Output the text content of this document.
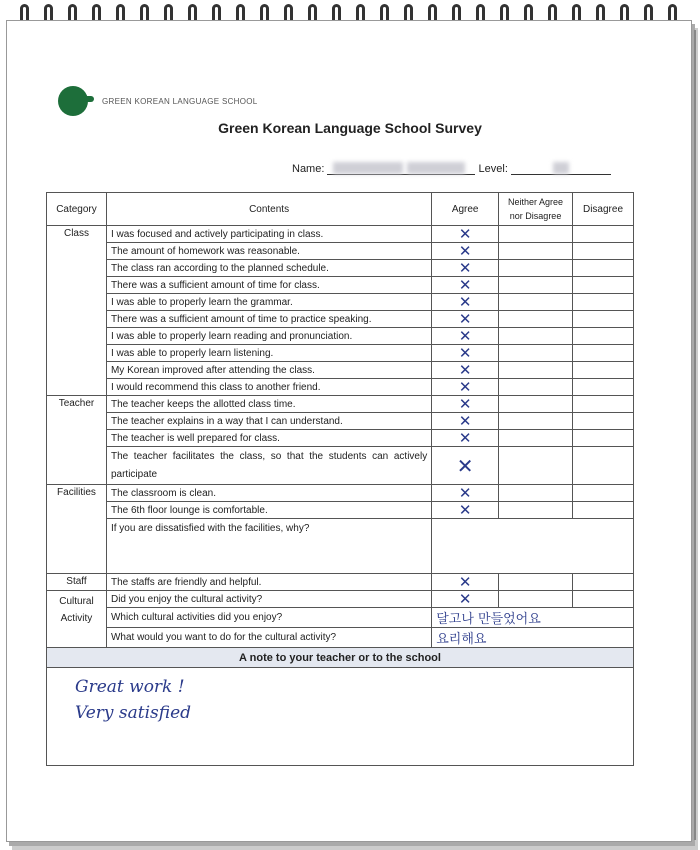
GREEN KOREAN LANGUAGE SCHOOL
Green Korean Language School Survey
Name:	Level:
Category	Contents	Agree	Neither Agree nor Disagree	Disagree
Class	I was focused and actively participating in class.	✕		
	The amount of homework was reasonable.	✕		
	The class ran according to the planned schedule.	✕		
	There was a sufficient amount of time for class.	✕		
	I was able to properly learn the grammar.	✕		
	There was a sufficient amount of time to practice speaking.	✕		
	I was able to properly learn reading and pronunciation.	✕		
	I was able to properly learn listening.	✕		
	My Korean improved after attending the class.	✕		
	I would recommend this class to another friend.	✕		
Teacher	The teacher keeps the allotted class time.	✕		
	The teacher explains in a way that I can understand.	✕		
	The teacher is well prepared for class.	✕		
	The teacher facilitates the class, so that the students can actively participate	✕		
Facilities	The classroom is clean.	✕		
	The 6th floor lounge is comfortable.	✕		
	If you are dissatisfied with the facilities, why?			
Staff	The staffs are friendly and helpful.	✕		
Cultural Activity	Did you enjoy the cultural activity?	✕		
	Which cultural activities did you enjoy?	달고나 만들었어요		
	What would you want to do for the cultural activity?	요리해요		
A note to your teacher or to the school				

Great work !
Very satisfied				
